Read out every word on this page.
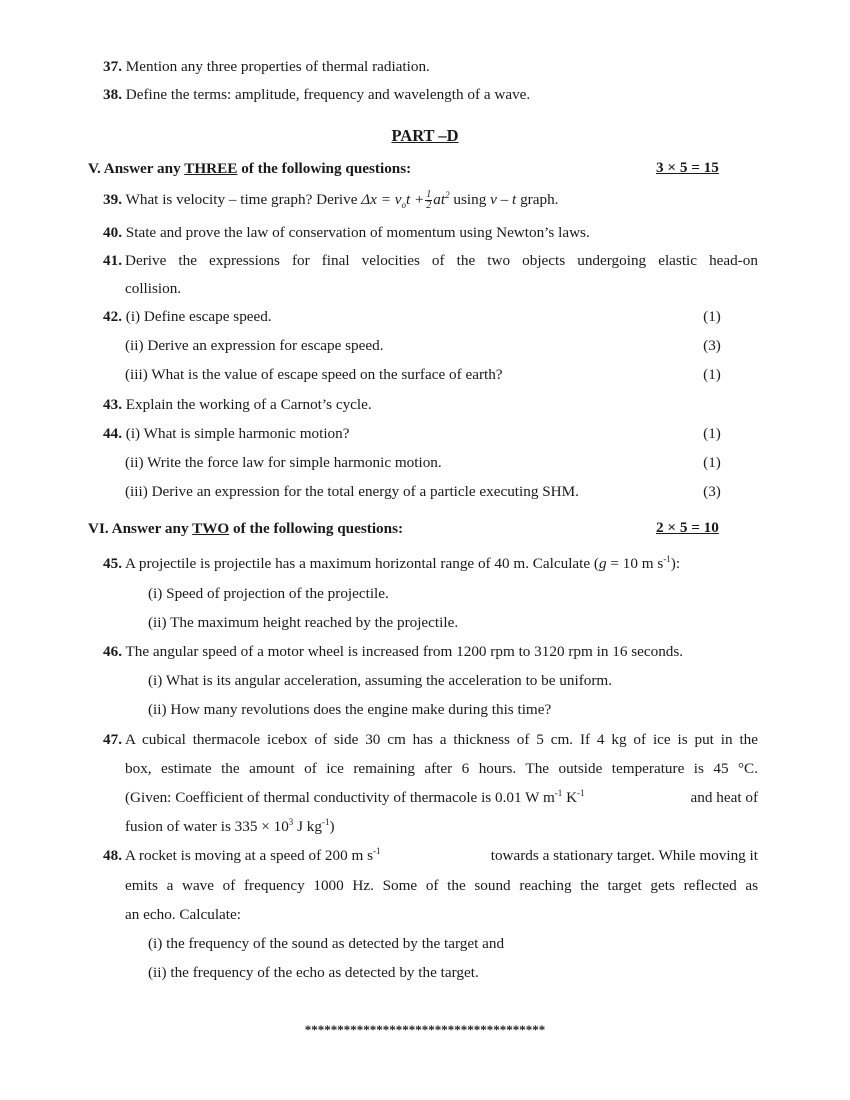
37. Mention any three properties of thermal radiation.
38. Define the terms: amplitude, frequency and wavelength of a wave.
PART –D
V. Answer any THREE of the following questions:	3 × 5 = 15
39. What is velocity – time graph? Derive $\Delta x = v_ot + \frac{1}{2} at^2$ using v – t graph.
40. State and prove the law of conservation of momentum using Newton’s laws.
41. Derive the expressions for final velocities of the two objects undergoing elastic head-on
collision.
42. (i) Define escape speed.	(1)
(ii) Derive an expression for escape speed.	(3)
(iii) What is the value of escape speed on the surface of earth?	(1)
43. Explain the working of a Carnot’s cycle.
44. (i) What is simple harmonic motion?	(1)
(ii) Write the force law for simple harmonic motion.	(1)
(iii) Derive an expression for the total energy of a particle executing SHM.	(3)
VI. Answer any TWO of the following questions:	2 × 5 = 10
45. A projectile is projectile has a maximum horizontal range of 40 m. Calculate (g = 10 m $s^{-1}$):
(i) Speed of projection of the projectile.
(ii) The maximum height reached by the projectile.
46. The angular speed of a motor wheel is increased from 1200 rpm to 3120 rpm in 16 seconds.
(i) What is its angular acceleration, assuming the acceleration to be uniform.
(ii) How many revolutions does the engine make during this time?
47. A cubical thermacole icebox of side 30 cm has a thickness of 5 cm. If 4 kg of ice is put in the
box, estimate the amount of ice remaining after 6 hours. The outside temperature is 45 °C.
(Given: Coefficient of thermal conductivity of thermacole is 0.01 W $m^{-1}$ $K^{-1}$	and heat of
fusion of water is $335 \times 10^3$ J $kg^{-1}$)
48. A rocket is moving at a speed of 200 m $s^{-1}$	towards a stationary target. While moving it
emits a wave of frequency 1000 Hz. Some of the sound reaching the target gets reflected as
an echo. Calculate:
(i) the frequency of the sound as detected by the target and
(ii) the frequency of the echo as detected by the target.
*************************************
